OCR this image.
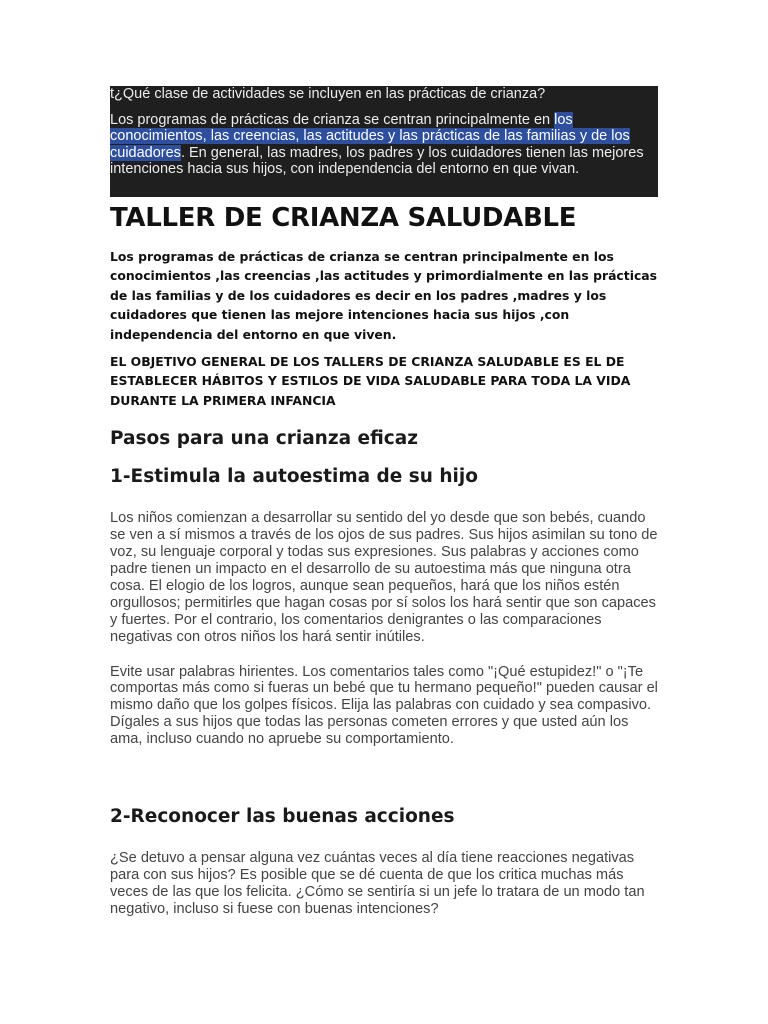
t¿Qué clase de actividades se incluyen en las prácticas de crianza?

Los programas de prácticas de crianza se centran principalmente en los conocimientos, las creencias, las actitudes y las prácticas de las familias y de los cuidadores. En general, las madres, los padres y los cuidadores tienen las mejores intenciones hacia sus hijos, con independencia del entorno en que vivan.

TALLER DE CRIANZA SALUDABLE

Los programas de prácticas de crianza se centran principalmente en los conocimientos ,las creencias ,las actitudes y primordialmente en las prácticas de las familias y de los cuidadores es decir en los padres ,madres y los cuidadores que tienen las mejore intenciones hacia sus hijos ,con independencia del entorno en que viven.

EL OBJETIVO GENERAL DE LOS TALLERS DE CRIANZA SALUDABLE ES EL DE ESTABLECER HÁBITOS Y ESTILOS DE VIDA SALUDABLE PARA TODA LA VIDA DURANTE LA PRIMERA INFANCIA

Pasos para una crianza eficaz
1-Estimula la autoestima de su hijo

Los niños comienzan a desarrollar su sentido del yo desde que son bebés, cuando se ven a sí mismos a través de los ojos de sus padres. Sus hijos asimilan su tono de voz, su lenguaje corporal y todas sus expresiones. Sus palabras y acciones como padre tienen un impacto en el desarrollo de su autoestima más que ninguna otra cosa. El elogio de los logros, aunque sean pequeños, hará que los niños estén orgullosos; permitirles que hagan cosas por sí solos los hará sentir que son capaces y fuertes. Por el contrario, los comentarios denigrantes o las comparaciones negativas con otros niños los hará sentir inútiles.

Evite usar palabras hirientes. Los comentarios tales como "¡Qué estupidez!" o "¡Te comportas más como si fueras un bebé que tu hermano pequeño!" pueden causar el mismo daño que los golpes físicos. Elija las palabras con cuidado y sea compasivo. Dígales a sus hijos que todas las personas cometen errores y que usted aún los ama, incluso cuando no apruebe su comportamiento.

2-Reconocer las buenas acciones

¿Se detuvo a pensar alguna vez cuántas veces al día tiene reacciones negativas para con sus hijos? Es posible que se dé cuenta de que los critica muchas más veces de las que los felicita. ¿Cómo se sentiría si un jefe lo tratara de un modo tan negativo, incluso si fuese con buenas intenciones?
